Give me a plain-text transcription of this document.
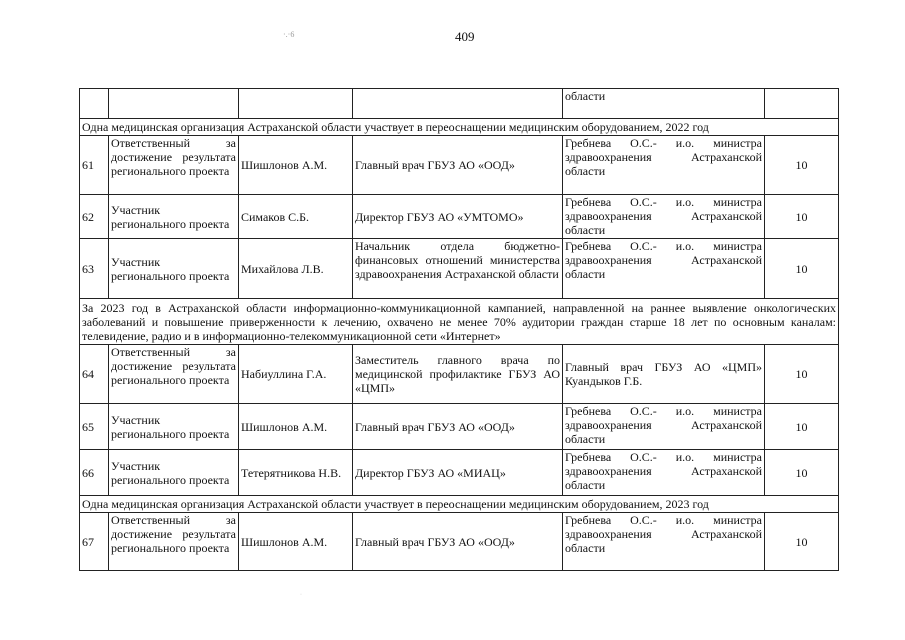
·.·6	409
				области	
Одна медицинская организация Астраханской области участвует в переоснащении медицинским оборудованием, 2022 год					
61	Ответственный за достижение результата регионального проекта	Шишлонов А.М.	Главный врач ГБУЗ АО «ООД»	Гребнева О.С.- и.о. министра здравоохранения Астраханской области	10
62	Участник регионального проекта	Симаков С.Б.	Директор ГБУЗ АО «УМТОМО»	Гребнева О.С.- и.о. министра здравоохранения Астраханской области	10
63	Участник регионального проекта	Михайлова Л.В.	Начальник отдела бюджетно-финансовых отношений министерства здравоохранения Астраханской области	Гребнева О.С.- и.о. министра здравоохранения Астраханской области	10
За 2023 год в Астраханской области информационно-коммуникационной кампанией, направленной на раннее выявление онкологических заболеваний и повышение приверженности к лечению, охвачено не менее 70% аудитории граждан старше 18 лет по основным каналам: телевидение, радио и в информационно-телекоммуникационной сети «Интернет»					
64	Ответственный за достижение результата регионального проекта	Набиуллина Г.А.	Заместитель главного врача по медицинской профилактике ГБУЗ АО «ЦМП»	Главный врач ГБУЗ АО «ЦМП» Куандыков Г.Б.	10
65	Участник регионального проекта	Шишлонов А.М.	Главный врач ГБУЗ АО «ООД»	Гребнева О.С.- и.о. министра здравоохранения Астраханской области	10
66	Участник регионального проекта	Тетерятникова Н.В.	Директор ГБУЗ АО «МИАЦ»	Гребнева О.С.- и.о. министра здравоохранения Астраханской области	10
Одна медицинская организация Астраханской области участвует в переоснащении медицинским оборудованием, 2023 год					
67	Ответственный за достижение результата регионального проекта	Шишлонов А.М.	Главный врач ГБУЗ АО «ООД»	Гребнева О.С.- и.о. министра здравоохранения Астраханской области	10
·
